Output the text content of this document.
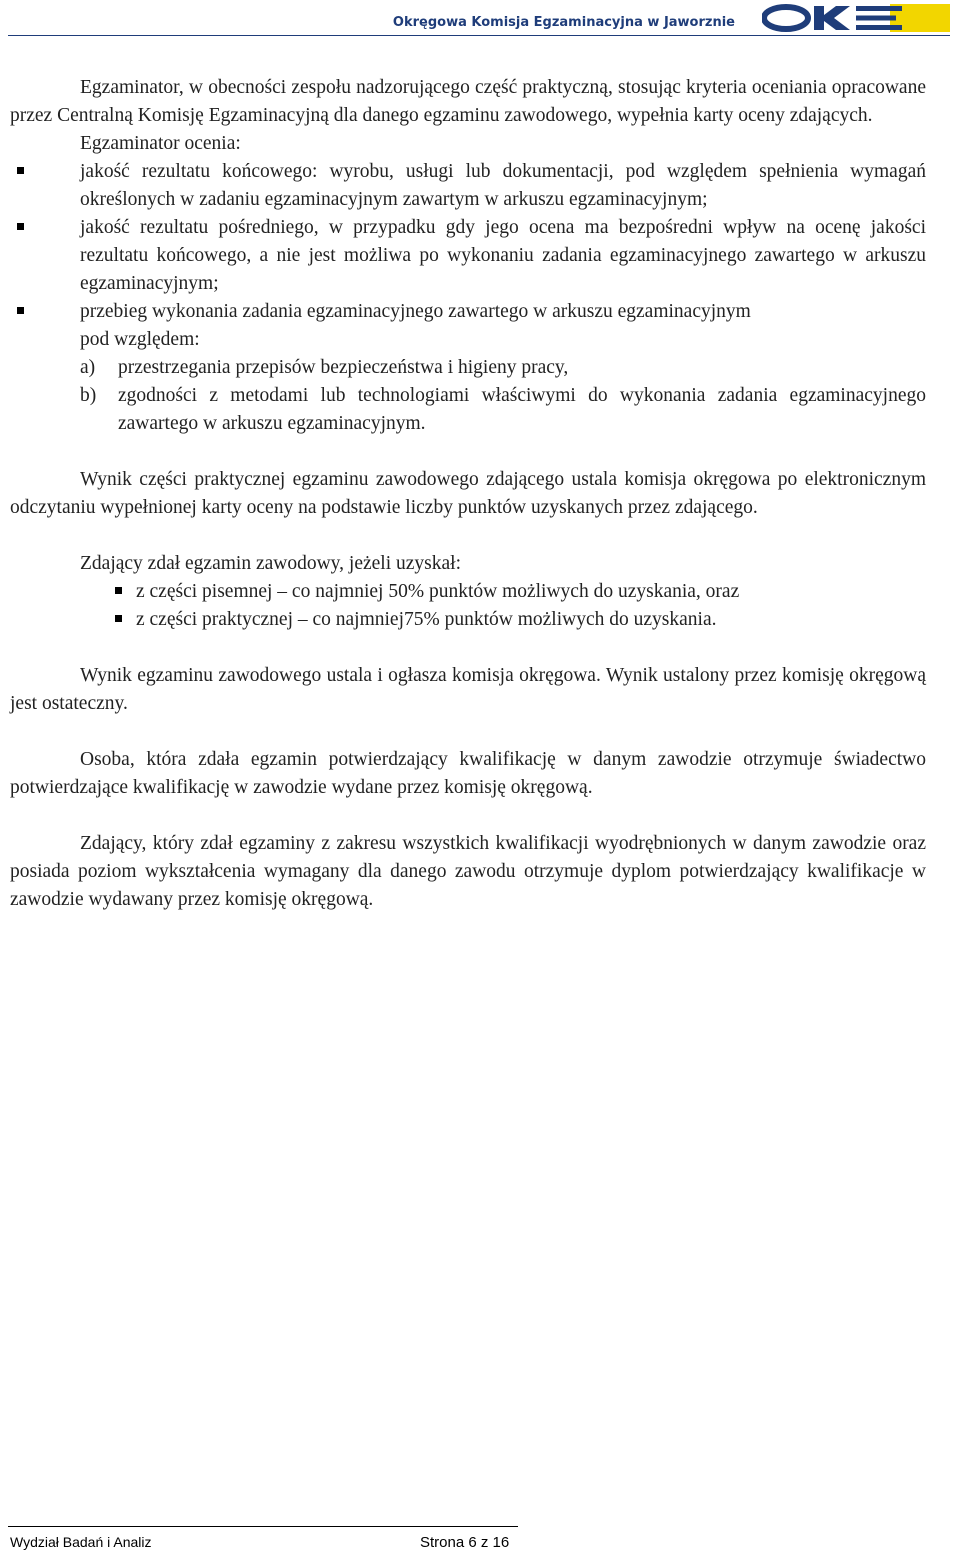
Okręgowa Komisja Egzaminacyjna w Jaworznie

Egzaminator, w obecności zespołu nadzorującego część praktyczną, stosując kryteria oceniania opracowane przez Centralną Komisję Egzaminacyjną dla danego egzaminu zawodowego, wypełnia karty oceny zdających.

Egzaminator ocenia:

jakość rezultatu końcowego: wyrobu, usługi lub dokumentacji, pod względem spełnienia wymagań określonych w zadaniu egzaminacyjnym zawartym w arkuszu egzaminacyjnym;
jakość rezultatu pośredniego, w przypadku gdy jego ocena ma bezpośredni wpływ na ocenę jakości rezultatu końcowego, a nie jest możliwa po wykonaniu zadania egzaminacyjnego zawartego w arkuszu egzaminacyjnym;
przebieg wykonania zadania egzaminacyjnego zawartego w arkuszu egzaminacyjnym
pod względem:
a) przestrzegania przepisów bezpieczeństwa i higieny pracy,
b) zgodności z metodami lub technologiami właściwymi do wykonania zadania egzaminacyjnego zawartego w arkuszu egzaminacyjnym.

Wynik części praktycznej egzaminu zawodowego zdającego ustala komisja okręgowa po elektronicznym odczytaniu wypełnionej karty oceny na podstawie liczby punktów uzyskanych przez zdającego.

Zdający zdał egzamin zawodowy, jeżeli uzyskał:

z części pisemnej – co najmniej 50% punktów możliwych do uzyskania, oraz
z części praktycznej – co najmniej75% punktów możliwych do uzyskania.

Wynik egzaminu zawodowego ustala i ogłasza komisja okręgowa. Wynik ustalony przez komisję okręgową jest ostateczny.

Osoba, która zdała egzamin potwierdzający kwalifikację w danym zawodzie otrzymuje świadectwo potwierdzające kwalifikację w zawodzie wydane przez komisję okręgową.

Zdający, który zdał egzaminy z zakresu wszystkich kwalifikacji wyodrębnionych w danym zawodzie oraz posiada poziom wykształcenia wymagany dla danego zawodu otrzymuje dyplom potwierdzający kwalifikacje w zawodzie wydawany przez komisję okręgową.

Wydział Badań i Analiz	Strona 6 z 16
